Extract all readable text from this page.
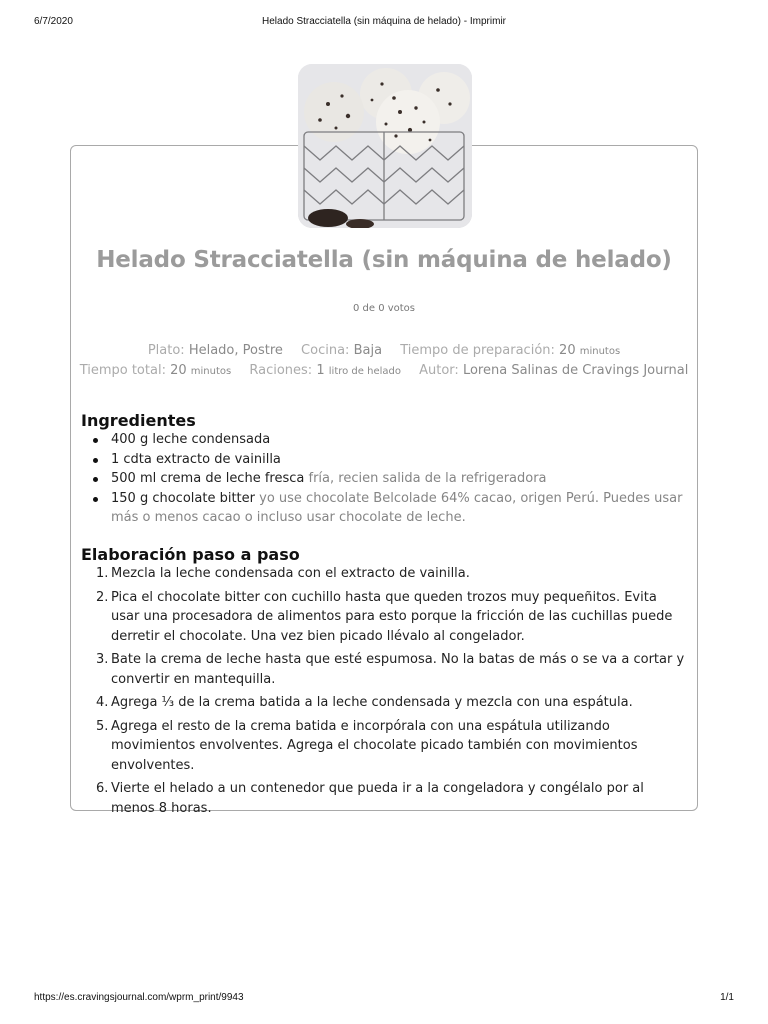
6/7/2020	Helado Stracciatella (sin máquina de helado) - Imprimir
Helado Stracciatella (sin máquina de helado)
0 de 0 votos
Plato: Helado, Postre Cocina: Baja Tiempo de preparación: 20 minutos
Tiempo total: 20 minutos Raciones: 1 litro de helado Autor: Lorena Salinas de Cravings Journal
Ingredientes
400 g leche condensada
1 cdta extracto de vainilla
500 ml crema de leche fresca fría, recien salida de la refrigeradora
150 g chocolate bitter yo use chocolate Belcolade 64% cacao, origen Perú. Puedes usar más o menos cacao o incluso usar chocolate de leche.
Elaboración paso a paso
1. Mezcla la leche condensada con el extracto de vainilla.
2. Pica el chocolate bitter con cuchillo hasta que queden trozos muy pequeñitos. Evita usar una procesadora de alimentos para esto porque la fricción de las cuchillas puede derretir el chocolate. Una vez bien picado llévalo al congelador.
3. Bate la crema de leche hasta que esté espumosa. No la batas de más o se va a cortar y convertir en mantequilla.
4. Agrega ⅓ de la crema batida a la leche condensada y mezcla con una espátula.
5. Agrega el resto de la crema batida e incorpórala con una espátula utilizando movimientos envolventes. Agrega el chocolate picado también con movimientos envolventes.
6. Vierte el helado a un contenedor que pueda ir a la congeladora y congélalo por al menos 8 horas.
https://es.cravingsjournal.com/wprm_print/9943	1/1
